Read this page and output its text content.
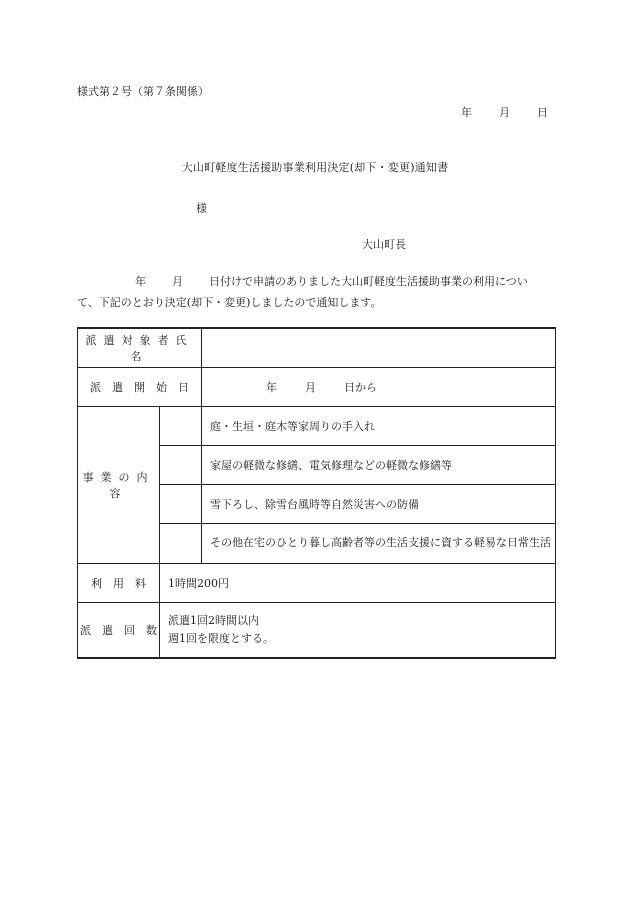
様式第２号（第７条関係）
年 月 日
大山町軽度生活援助事業利用決定(却下・変更)通知書
様
大山町長
年 月 日付けで申請のありました大山町軽度生活援助事業の利用につい
て、下記のとおり決定(却下・変更)しましたので通知します。
派遣対象者氏名		
派　遣　開　始　日		年 月 日から
事業の内容		庭・生垣・庭木等家周りの手入れ
		家屋の軽微な修繕、電気修理などの軽微な修繕等
		雪下ろし、除雪台風時等自然災害への防備
		その他在宅のひとり暮し高齢者等の生活支援に資する軽易な日常生活
利　用　料	1時間200円	
派　遣　回　数	派遣1回2時間以内
週1回を限度とする。	
